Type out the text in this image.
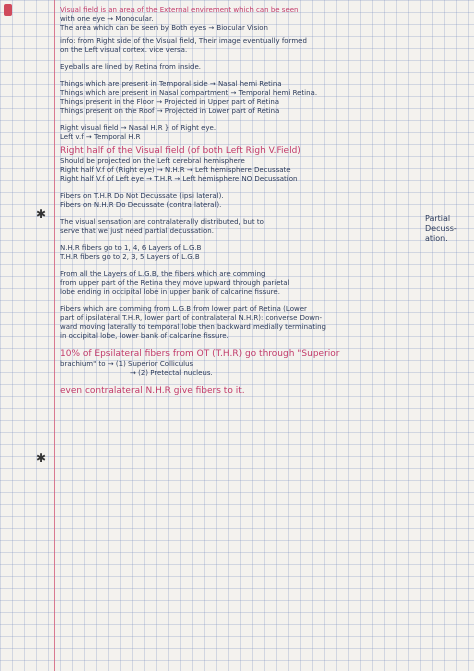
✱
✱
Visual field is an area of the External envirement which can be seen
with one eye → Monocular.
The area which can be seen by Both eyes → Biocular Vision
info: from Right side of the Visual field, Their image eventually formed
on the Left visual cortex. vice versa.
Eyeballs are lined by Retina from inside.
Things which are present in Temporal side → Nasal hemi Retina
Things which are present in Nasal compartment → Temporal hemi Retina.
Things present in the Floor → Projected in Upper part of Retina
Things present on the Roof → Projected in Lower part of Retina
Right visual field → Nasal H.R } of Right eye.
Left v.f → Temporal H.R
Right half of the Visual field (of both Left Righ V.Field)
Should be projected on the Left cerebral hemisphere
Right half V.f of (Right eye) → N.H.R → Left hemisphere Decussate
Right half V.f of Left eye → T.H.R → Left hemisphere NO Decussation
Fibers on T.H.R Do Not Decussate (ipsi lateral).
Fibers on N.H.R Do Decussate (contra lateral).
The visual sensation are contralaterally distributed, but to
serve that we just need partial decussation.
N.H.R fibers go to 1, 4, 6 Layers of L.G.B
T.H.R fibers go to 2, 3, 5 Layers of L.G.B
From all the Layers of L.G.B, the fibers which are comming
from upper part of the Retina they move upward through parietal
lobe ending in occipital lobe in upper bank of calcarine fissure.
Fibers which are comming from L.G.B from lower part of Retina (Lower
part of ipsilateral T.H.R, lower part of contralateral N.H.R): converse Down-
ward moving laterally to temporal lobe then backward medially terminating
in occipital lobe, lower bank of calcarine fissure.
10% of Epsilateral fibers from OT (T.H.R) go through "Superior
brachium" to → (1) Superior Colliculus
→ (2) Pretectal nucleus.
even contralateral N.H.R give fibers to it.
Partial Decuss- ation.
